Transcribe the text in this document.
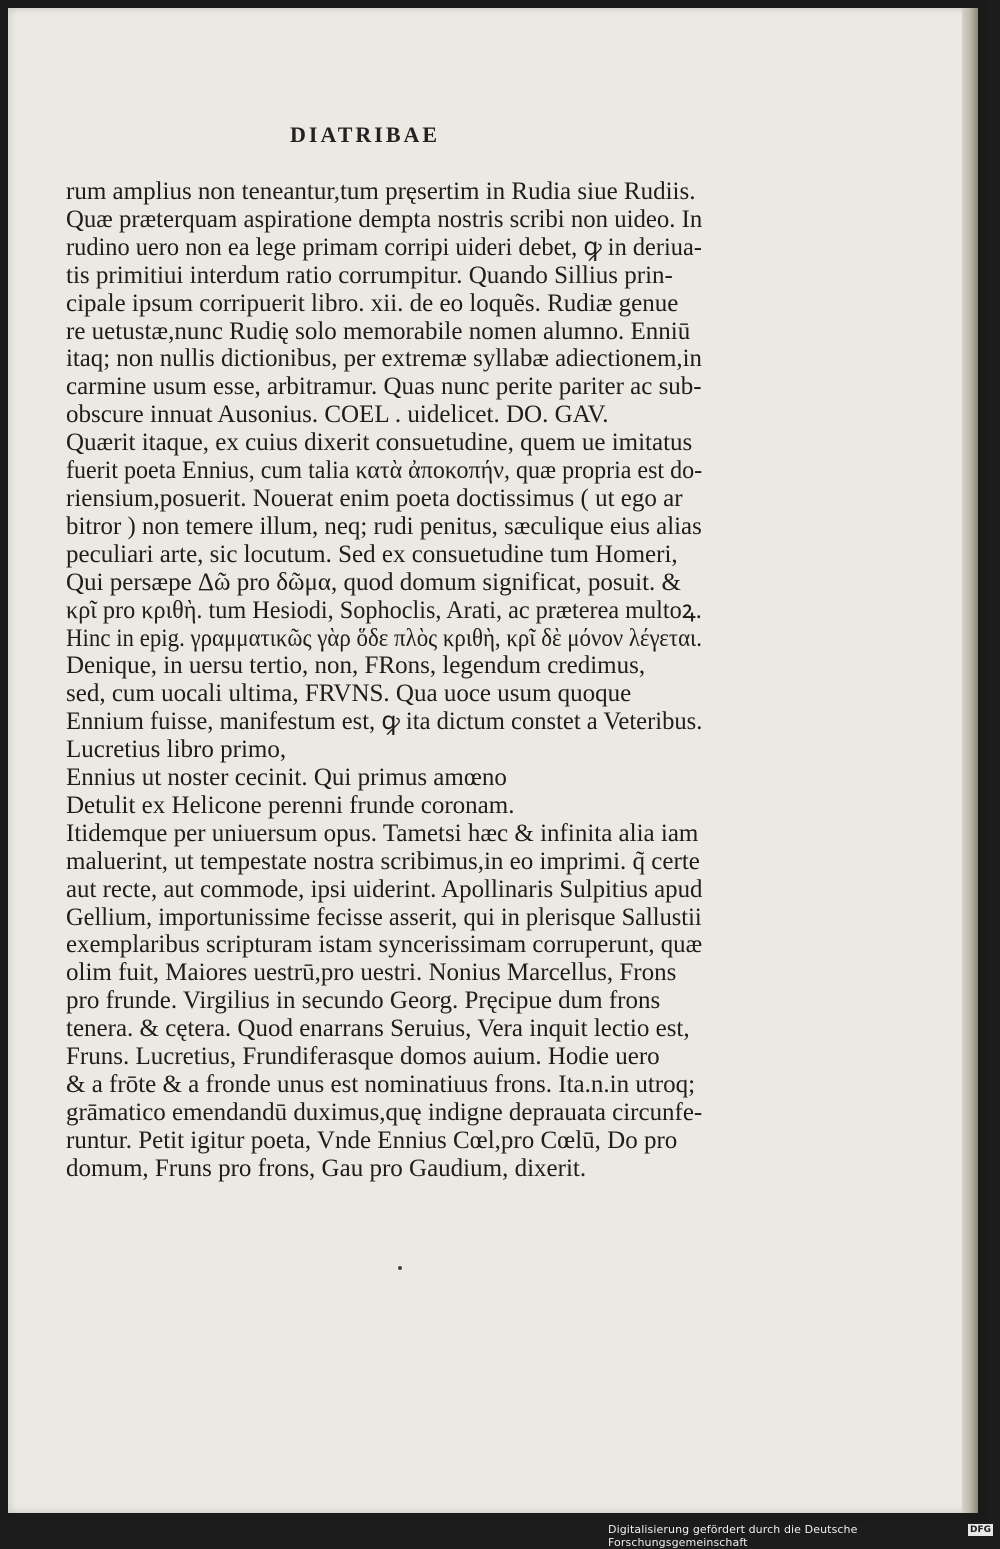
DIATRIBAE
rum amplius non teneantur,tum pręsertim in Rudia siue Rudiis.
Quæ præterquam aspiratione dempta nostris scribi non uideo. In
rudino uero non ea lege primam corripi uideri debet, ꝙ in deriua-
tis primitiui interdum ratio corrumpitur. Quando Sillius prin-
cipale ipsum corripuerit libro. xii. de eo loquẽs. Rudiæ genue
re uetustæ,nunc Rudię solo memorabile nomen alumno. Enniū
itaq; non nullis dictionibus, per extremæ syllabæ adiectionem,in
carmine usum esse, arbitramur. Quas nunc perite pariter ac sub-
obscure innuat Ausonius. COEL . uidelicet. DO. GAV.
Quærit itaque, ex cuius dixerit consuetudine, quem ue imitatus
fuerit poeta Ennius, cum talia κατὰ ἀποκοπήν, quæ propria est do-
riensium,posuerit. Nouerat enim poeta doctissimus ( ut ego ar
bitror ) non temere illum, neq; rudi penitus, sæculique eius alias
peculiari arte, sic locutum. Sed ex consuetudine tum Homeri,
Qui persæpe Δῶ pro δῶμα, quod domum significat, posuit. &
κρῖ pro κριθὴ. tum Hesiodi, Sophoclis, Arati, ac præterea multoꝝ.
Hinc in epig. γραμματικῶς γὰρ ὅδε πλὸς κριθὴ, κρῖ δὲ μόνον λέγεται.
Denique, in uersu tertio, non, FRons, legendum credimus,
sed, cum uocali ultima, FRVNS. Qua uoce usum quoque
Ennium fuisse, manifestum est, ꝙ ita dictum constet a Veteribus.
Lucretius libro primo,
Ennius ut noster cecinit. Qui primus amœno
Detulit ex Helicone perenni frunde coronam.
Itidemque per uniuersum opus. Tametsi hæc & infinita alia iam
maluerint, ut tempestate nostra scribimus,in eo imprimi. q̃ certe
aut recte, aut commode, ipsi uiderint. Apollinaris Sulpitius apud
Gellium, importunissime fecisse asserit, qui in plerisque Sallustii
exemplaribus scripturam istam syncerissimam corruperunt, quæ
olim fuit, Maiores uestrū,pro uestri. Nonius Marcellus, Frons
pro frunde. Virgilius in secundo Georg. Pręcipue dum frons
tenera. & cętera. Quod enarrans Seruius, Vera inquit lectio est,
Fruns. Lucretius, Frundiferasque domos auium. Hodie uero
& a frōte & a fronde unus est nominatiuus frons. Ita.n.in utroq;
grāmatico emendandū duximus,quę indigne deprauata circunfe-
runtur. Petit igitur poeta, Vnde Ennius Cœl,pro Cœlū, Do pro
domum, Fruns pro frons, Gau pro Gaudium, dixerit.
Digitalisierung gefördert durch die Deutsche Forschungsgemeinschaft
DFG
